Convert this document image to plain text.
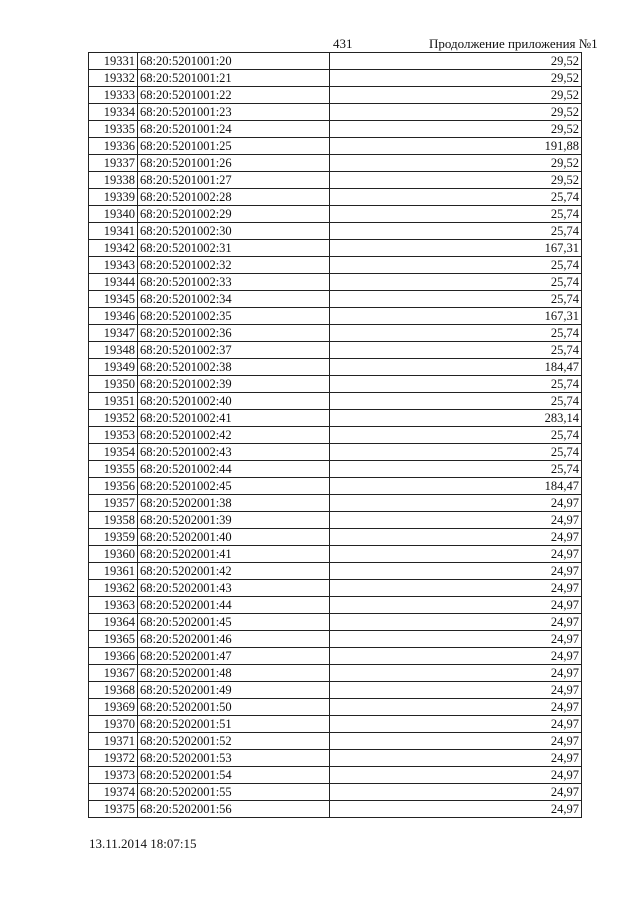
431	Продолжение приложения №1
19331	68:20:5201001:20	29,52
19332	68:20:5201001:21	29,52
19333	68:20:5201001:22	29,52
19334	68:20:5201001:23	29,52
19335	68:20:5201001:24	29,52
19336	68:20:5201001:25	191,88
19337	68:20:5201001:26	29,52
19338	68:20:5201001:27	29,52
19339	68:20:5201002:28	25,74
19340	68:20:5201002:29	25,74
19341	68:20:5201002:30	25,74
19342	68:20:5201002:31	167,31
19343	68:20:5201002:32	25,74
19344	68:20:5201002:33	25,74
19345	68:20:5201002:34	25,74
19346	68:20:5201002:35	167,31
19347	68:20:5201002:36	25,74
19348	68:20:5201002:37	25,74
19349	68:20:5201002:38	184,47
19350	68:20:5201002:39	25,74
19351	68:20:5201002:40	25,74
19352	68:20:5201002:41	283,14
19353	68:20:5201002:42	25,74
19354	68:20:5201002:43	25,74
19355	68:20:5201002:44	25,74
19356	68:20:5201002:45	184,47
19357	68:20:5202001:38	24,97
19358	68:20:5202001:39	24,97
19359	68:20:5202001:40	24,97
19360	68:20:5202001:41	24,97
19361	68:20:5202001:42	24,97
19362	68:20:5202001:43	24,97
19363	68:20:5202001:44	24,97
19364	68:20:5202001:45	24,97
19365	68:20:5202001:46	24,97
19366	68:20:5202001:47	24,97
19367	68:20:5202001:48	24,97
19368	68:20:5202001:49	24,97
19369	68:20:5202001:50	24,97
19370	68:20:5202001:51	24,97
19371	68:20:5202001:52	24,97
19372	68:20:5202001:53	24,97
19373	68:20:5202001:54	24,97
19374	68:20:5202001:55	24,97
19375	68:20:5202001:56	24,97
13.11.2014 18:07:15
